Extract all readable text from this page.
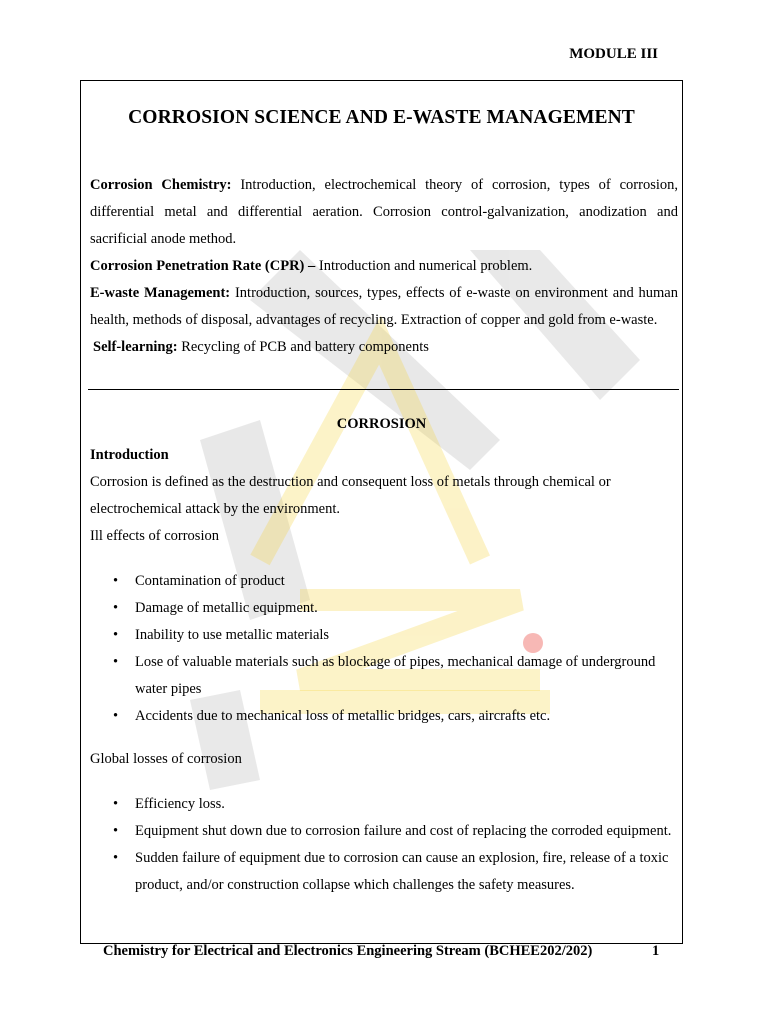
MODULE III
CORROSION SCIENCE AND E-WASTE MANAGEMENT

Corrosion Chemistry: Introduction, electrochemical theory of corrosion, types of corrosion, differential metal and differential aeration. Corrosion control-galvanization, anodization and sacrificial anode method.

Corrosion Penetration Rate (CPR) – Introduction and numerical problem.

E-waste Management: Introduction, sources, types, effects of e-waste on environment and human health, methods of disposal, advantages of recycling. Extraction of copper and gold from e-waste.

Self-learning: Recycling of PCB and battery components

CORROSION

Introduction

Corrosion is defined as the destruction and consequent loss of metals through chemical or electrochemical attack by the environment.

Ill effects of corrosion

• Contamination of product
• Damage of metallic equipment.
• Inability to use metallic materials
• Lose of valuable materials such as blockage of pipes, mechanical damage of underground water pipes
• Accidents due to mechanical loss of metallic bridges, cars, aircrafts etc.

Global losses of corrosion

• Efficiency loss.
• Equipment shut down due to corrosion failure and cost of replacing the corroded equipment.
• Sudden failure of equipment due to corrosion can cause an explosion, fire, release of a toxic product, and/or construction collapse which challenges the safety measures.
Chemistry for Electrical and Electronics Engineering Stream (BCHEE202/202)	1
